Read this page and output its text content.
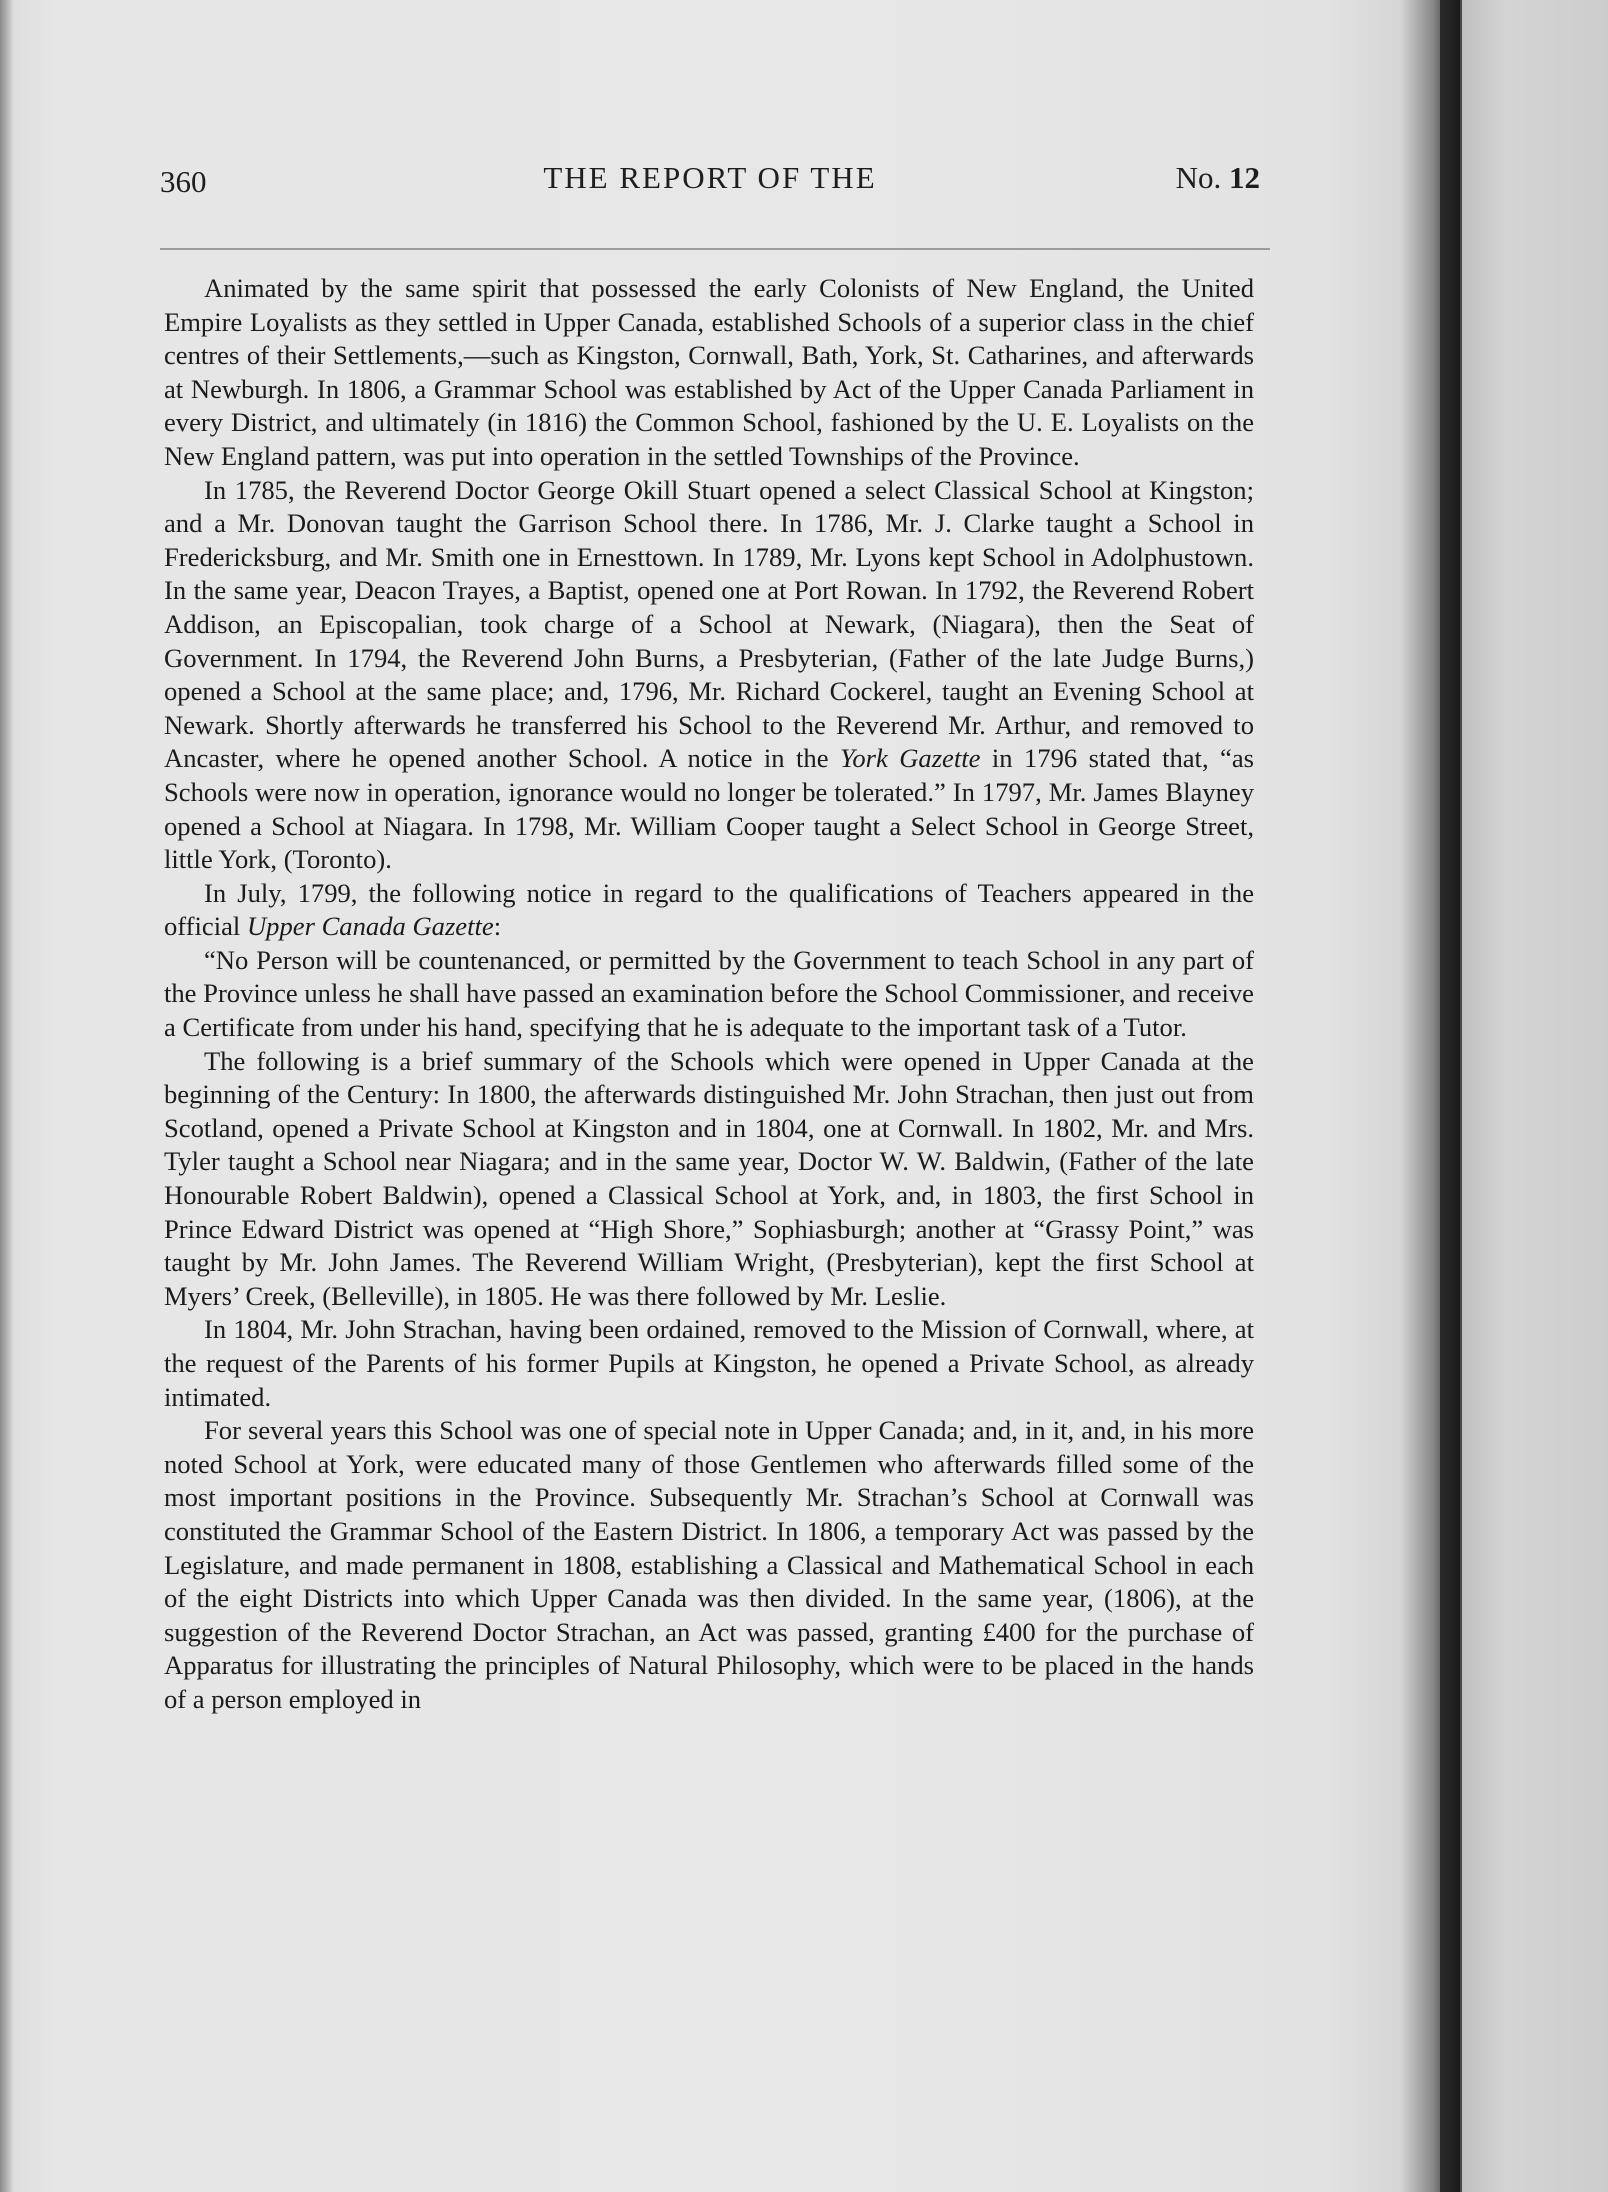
360	THE REPORT OF THE	No. 12

Animated by the same spirit that possessed the early Colonists of New England, the United Empire Loyalists as they settled in Upper Canada, established Schools of a superior class in the chief centres of their Settlements,—such as Kingston, Cornwall, Bath, York, St. Catharines, and afterwards at Newburgh. In 1806, a Grammar School was established by Act of the Upper Canada Parliament in every District, and ultimately (in 1816) the Common School, fashioned by the U. E. Loyalists on the New England pattern, was put into operation in the settled Townships of the Province.

In 1785, the Reverend Doctor George Okill Stuart opened a select Classical School at Kingston; and a Mr. Donovan taught the Garrison School there. In 1786, Mr. J. Clarke taught a School in Fredericksburg, and Mr. Smith one in Ernesttown. In 1789, Mr. Lyons kept School in Adolphustown. In the same year, Deacon Trayes, a Baptist, opened one at Port Rowan. In 1792, the Reverend Robert Addison, an Episcopalian, took charge of a School at Newark, (Niagara), then the Seat of Government. In 1794, the Reverend John Burns, a Presbyterian, (Father of the late Judge Burns,) opened a School at the same place; and, 1796, Mr. Richard Cockerel, taught an Evening School at Newark. Shortly afterwards he transferred his School to the Reverend Mr. Arthur, and removed to Ancaster, where he opened another School. A notice in the York Gazette in 1796 stated that, “as Schools were now in operation, ignorance would no longer be tolerated.” In 1797, Mr. James Blayney opened a School at Niagara. In 1798, Mr. William Cooper taught a Select School in George Street, little York, (Toronto).

In July, 1799, the following notice in regard to the qualifications of Teachers appeared in the official Upper Canada Gazette:

“No Person will be countenanced, or permitted by the Government to teach School in any part of the Province unless he shall have passed an examination before the School Commissioner, and receive a Certificate from under his hand, specifying that he is adequate to the important task of a Tutor.

The following is a brief summary of the Schools which were opened in Upper Canada at the beginning of the Century: In 1800, the afterwards distinguished Mr. John Strachan, then just out from Scotland, opened a Private School at Kingston and in 1804, one at Cornwall. In 1802, Mr. and Mrs. Tyler taught a School near Niagara; and in the same year, Doctor W. W. Baldwin, (Father of the late Honourable Robert Baldwin), opened a Classical School at York, and, in 1803, the first School in Prince Edward District was opened at “High Shore,” Sophiasburgh; another at “Grassy Point,” was taught by Mr. John James. The Reverend William Wright, (Presbyterian), kept the first School at Myers’ Creek, (Belleville), in 1805. He was there followed by Mr. Leslie.

In 1804, Mr. John Strachan, having been ordained, removed to the Mission of Cornwall, where, at the request of the Parents of his former Pupils at Kingston, he opened a Private School, as already intimated.

For several years this School was one of special note in Upper Canada; and, in it, and, in his more noted School at York, were educated many of those Gentlemen who afterwards filled some of the most important positions in the Province. Subsequently Mr. Strachan’s School at Cornwall was constituted the Grammar School of the Eastern District. In 1806, a temporary Act was passed by the Legislature, and made permanent in 1808, establishing a Classical and Mathematical School in each of the eight Districts into which Upper Canada was then divided. In the same year, (1806), at the suggestion of the Reverend Doctor Strachan, an Act was passed, granting £400 for the purchase of Apparatus for illustrating the principles of Natural Philosophy, which were to be placed in the hands of a person employed in
